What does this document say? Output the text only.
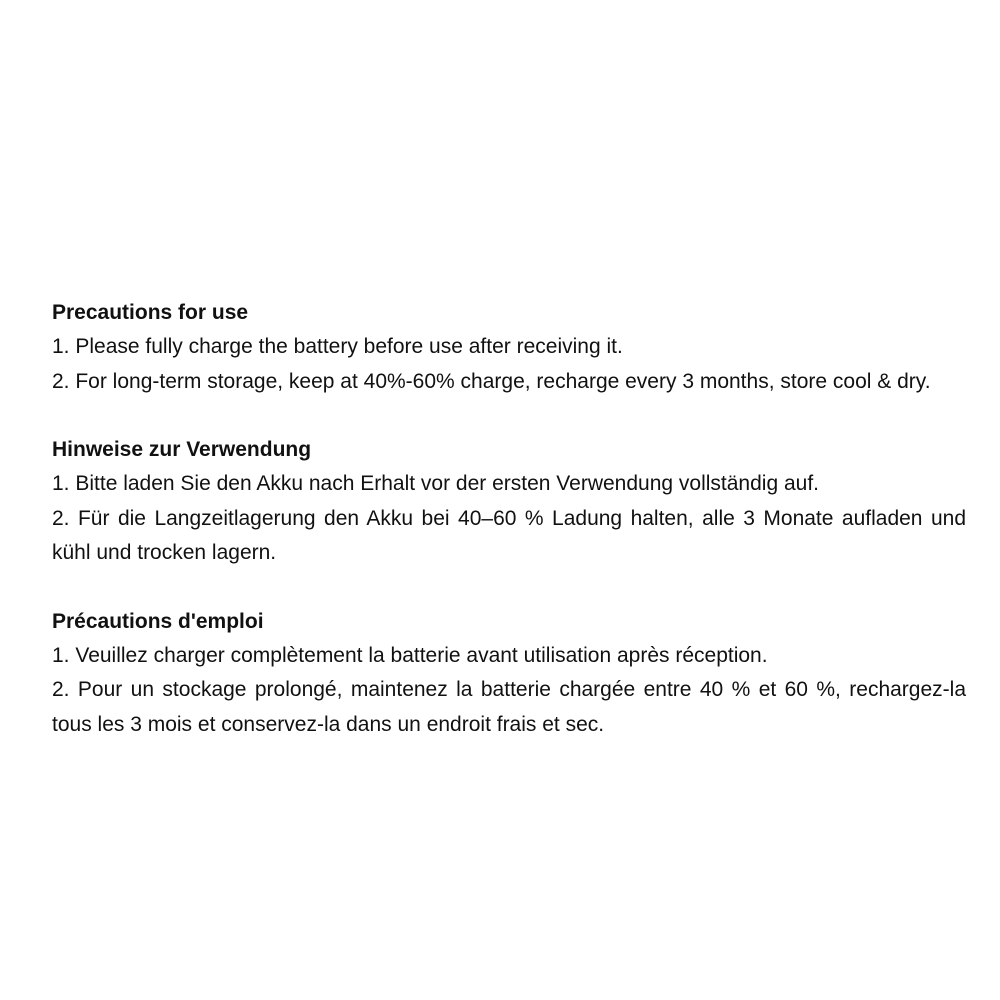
Precautions for use

1. Please fully charge the battery before use after receiving it.

2. For long-term storage, keep at 40%-60% charge, recharge every 3 months, store cool & dry.

Hinweise zur Verwendung

1. Bitte laden Sie den Akku nach Erhalt vor der ersten Verwendung vollständig auf.

2. Für die Langzeitlagerung den Akku bei 40–60 % Ladung halten, alle 3 Monate aufladen und kühl und trocken lagern.

Précautions d'emploi

1. Veuillez charger complètement la batterie avant utilisation après réception.

2. Pour un stockage prolongé, maintenez la batterie chargée entre 40 % et 60 %, rechargez-la tous les 3 mois et conservez-la dans un endroit frais et sec.
